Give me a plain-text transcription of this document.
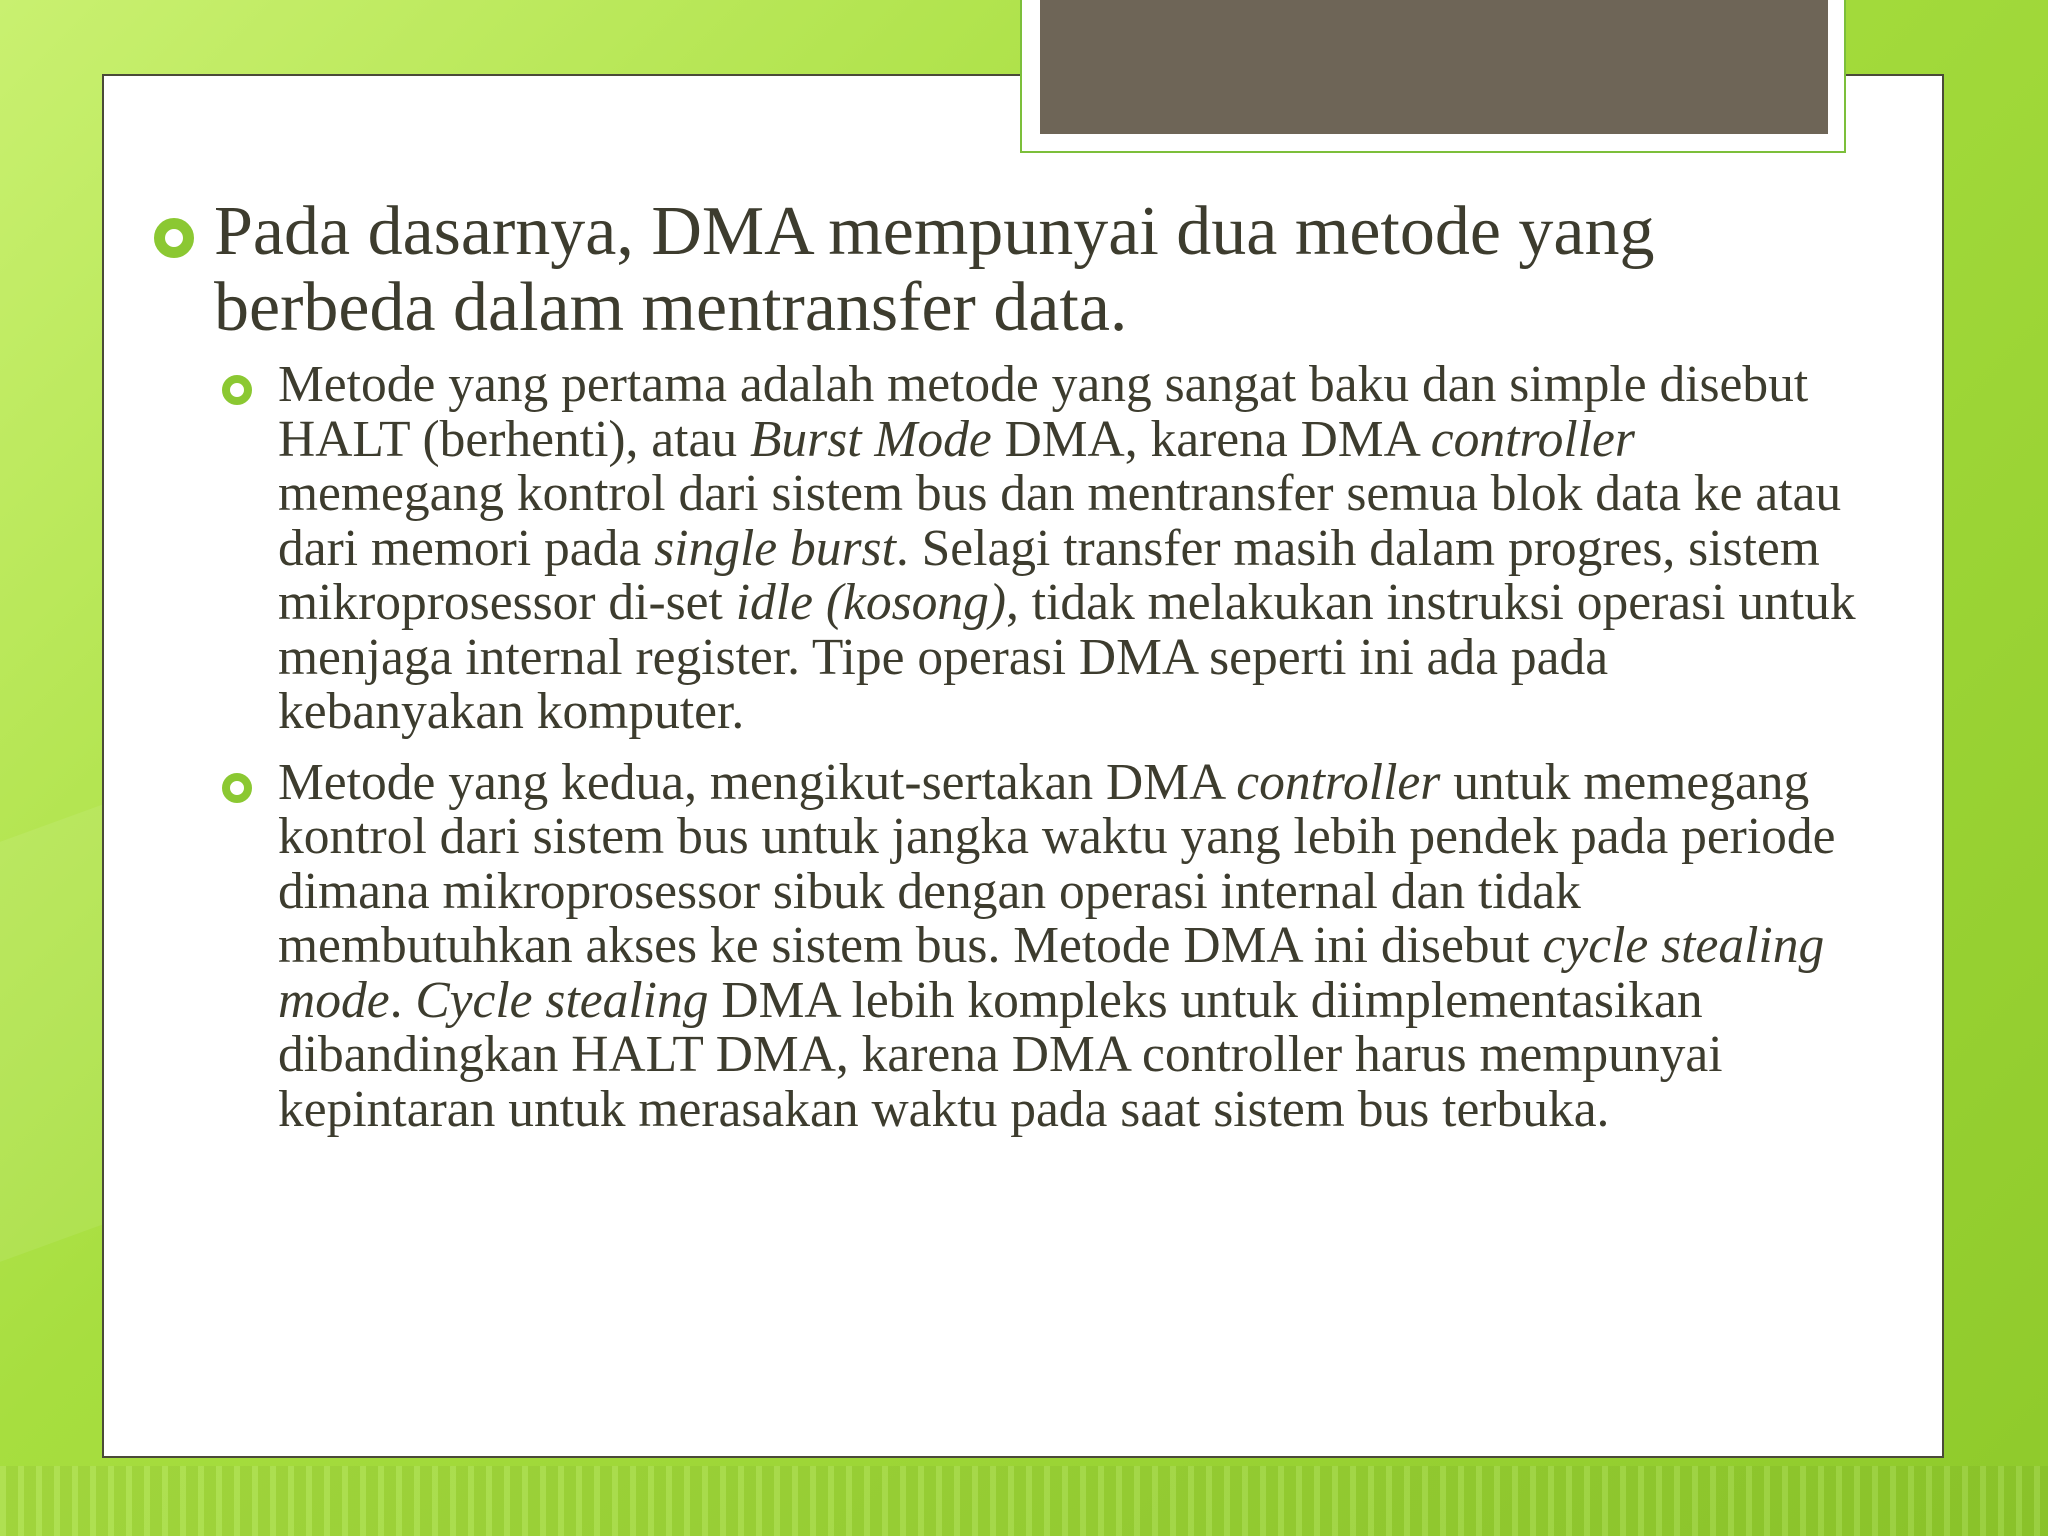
Pada dasarnya, DMA mempunyai dua metode yang berbeda dalam mentransfer data.
Metode yang pertama adalah metode yang sangat baku dan simple disebut HALT (berhenti), atau Burst Mode DMA, karena DMA controller memegang kontrol dari sistem bus dan mentransfer semua blok data ke atau dari memori pada single burst. Selagi transfer masih dalam progres, sistem mikroprosessor di-set idle (kosong), tidak melakukan instruksi operasi untuk menjaga internal register. Tipe operasi DMA seperti ini ada pada kebanyakan komputer.
Metode yang kedua, mengikut-sertakan DMA controller untuk memegang kontrol dari sistem bus untuk jangka waktu yang lebih pendek pada periode dimana mikroprosessor sibuk dengan operasi internal dan tidak membutuhkan akses ke sistem bus. Metode DMA ini disebut cycle stealing mode. Cycle stealing DMA lebih kompleks untuk diimplementasikan dibandingkan HALT DMA, karena DMA controller harus mempunyai kepintaran untuk merasakan waktu pada saat sistem bus terbuka.
